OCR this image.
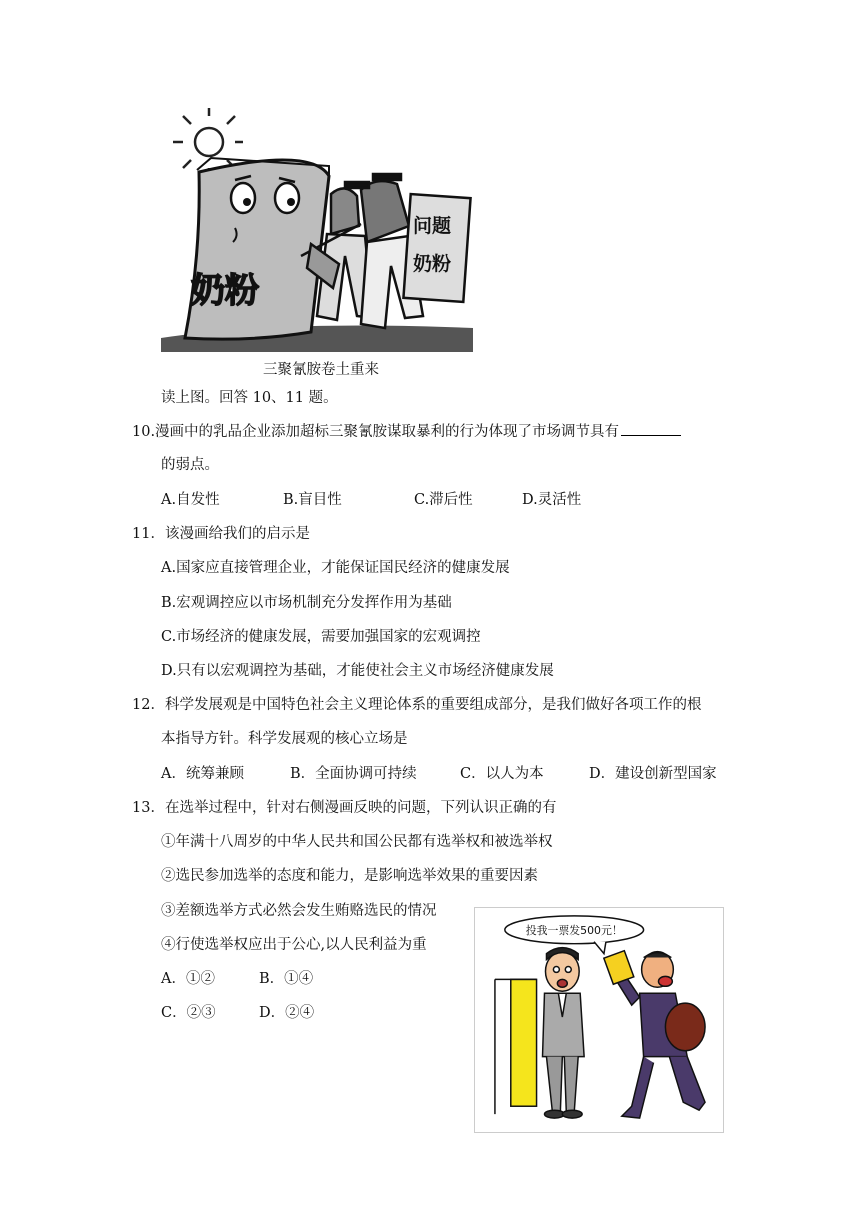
奶粉
问题
奶粉
三聚氰胺卷土重来
读上图。回答 10、11 题。
10.漫画中的乳品企业添加超标三聚氰胺谋取暴利的行为体现了市场调节具有
的弱点。
A.自发性	B.盲目性	C.滞后性	D.灵活性
11．该漫画给我们的启示是
A.国家应直接管理企业，才能保证国民经济的健康发展
B.宏观调控应以市场机制充分发挥作用为基础
C.市场经济的健康发展，需要加强国家的宏观调控
D.只有以宏观调控为基础，才能使社会主义市场经济健康发展
12．科学发展观是中国特色社会主义理论体系的重要组成部分，是我们做好各项工作的根
本指导方针。科学发展观的核心立场是
A．统筹兼顾	B．全面协调可持续	C．以人为本	D．建设创新型国家
13．在选举过程中，针对右侧漫画反映的问题，下列认识正确的有
①年满十八周岁的中华人民共和国公民都有选举权和被选举权
②选民参加选举的态度和能力，是影响选举效果的重要因素
③差额选举方式必然会发生贿赂选民的情况
④行使选举权应出于公心,以人民利益为重
A．①②	B．①④
C．②③	D．②④
投我一票发500元！
